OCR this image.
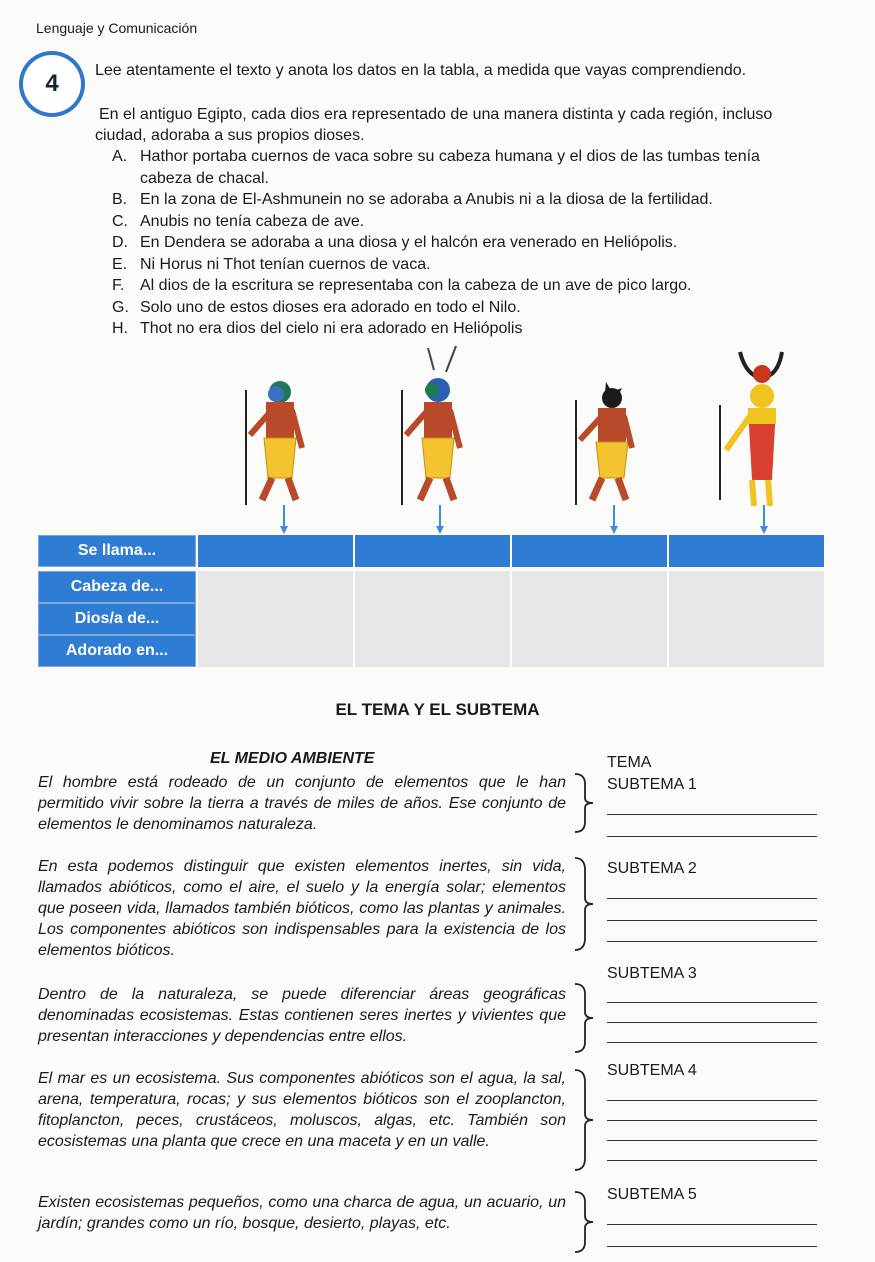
Lenguaje y Comunicación
4	Lee atentamente el texto y anota los datos en la tabla, a medida que vayas comprendiendo.
En el antiguo Egipto, cada dios era representado de una manera distinta y cada región, incluso ciudad, adoraba a sus propios dioses.
A. Hathor portaba cuernos de vaca sobre su cabeza humana y el dios de las tumbas tenía cabeza de chacal.
B. En la zona de El-Ashmunein no se adoraba a Anubis ni a la diosa de la fertilidad.
C. Anubis no tenía cabeza de ave.
D. En Dendera se adoraba a una diosa y el halcón era venerado en Heliópolis.
E. Ni Horus ni Thot tenían cuernos de vaca.
F. Al dios de la escritura se representaba con la cabeza de un ave de pico largo.
G. Solo uno de estos dioses era adorado en todo el Nilo.
H. Thot no era dios del cielo ni era adorado en Heliópolis
Se llama...				

Cabeza de...				
Dios/a de...				
Adorado en...				
EL TEMA Y EL SUBTEMA
EL MEDIO AMBIENTE	TEMA
El hombre está rodeado de un conjunto de elementos que le han permitido vivir sobre la tierra a través de miles de años. Ese conjunto de elementos le denominamos naturaleza.
SUBTEMA 1
En esta podemos distinguir que existen elementos inertes, sin vida, llamados abióticos, como el aire, el suelo y la energía solar; elementos que poseen vida, llamados también bióticos, como las plantas y animales. Los componentes abióticos son indispensables para la existencia de los elementos bióticos.
SUBTEMA 2
SUBTEMA 3
Dentro de la naturaleza, se puede diferenciar áreas geográficas denominadas ecosistemas. Estas contienen seres inertes y vivientes que presentan interacciones y dependencias entre ellos.
SUBTEMA 4
El mar es un ecosistema. Sus componentes abióticos son el agua, la sal, arena, temperatura, rocas; y sus elementos bióticos son el zooplancton, fitoplancton, peces, crustáceos, moluscos, algas, etc. También son ecosistemas una planta que crece en una maceta y en un valle.
SUBTEMA 5
Existen ecosistemas pequeños, como una charca de agua, un acuario, un jardín; grandes como un río, bosque, desierto, playas, etc.
